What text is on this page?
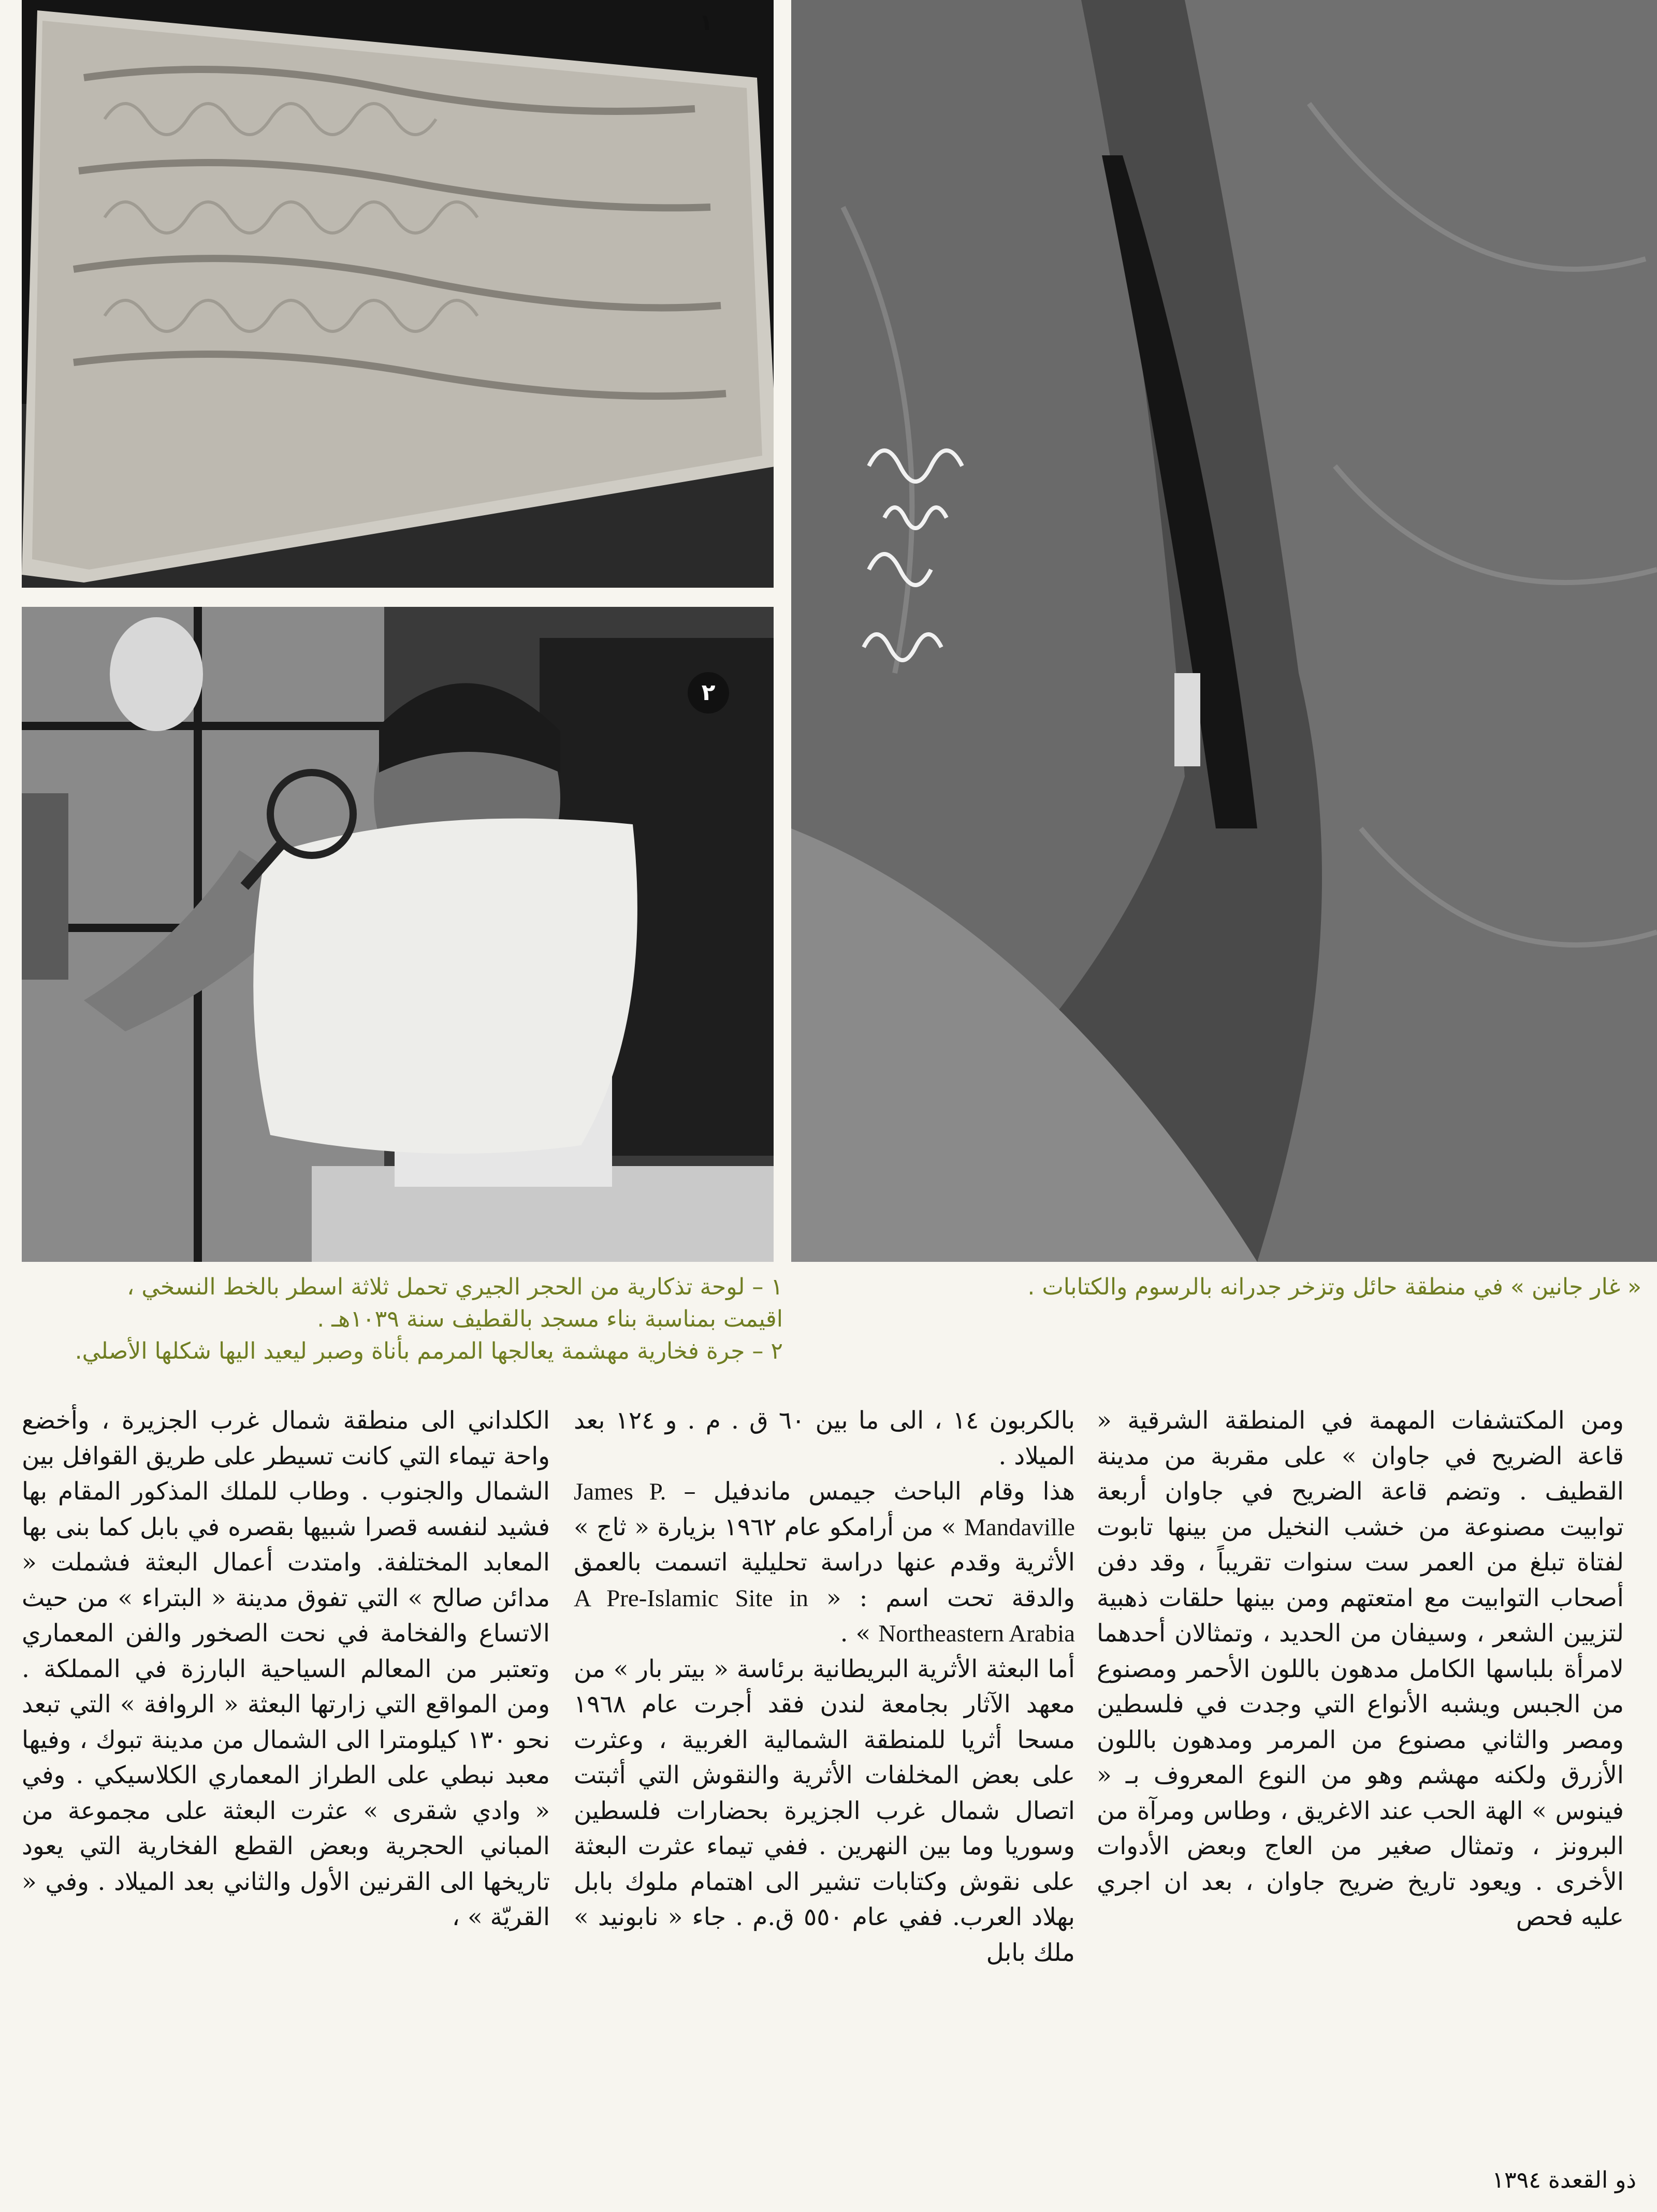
١
٢
« غار جانين » في منطقة حائل وتزخر جدرانه بالرسوم والكتابات .
١ – لوحة تذكارية من الحجر الجيري تحمل ثلاثة اسطر بالخط النسخي ،
اقيمت بمناسبة بناء مسجد بالقطيف سنة ١٠٣٩هـ .
٢ – جرة فخارية مهشمة يعالجها المرمم بأناة وصبر ليعيد اليها شكلها الأصلي.

ومن المكتشفات المهمة في المنطقة الشرقية « قاعة الضريح في جاوان » على مقربة من مدينة القطيف . وتضم قاعة الضريح في جاوان أربعة توابيت مصنوعة من خشب النخيل من بينها تابوت لفتاة تبلغ من العمر ست سنوات تقريباً ، وقد دفن أصحاب التوابيت مع امتعتهم ومن بينها حلقات ذهبية لتزيين الشعر ، وسيفان من الحديد ، وتمثالان أحدهما لامرأة بلباسها الكامل مدهون باللون الأحمر ومصنوع من الجبس ويشبه الأنواع التي وجدت في فلسطين ومصر والثاني مصنوع من المرمر ومدهون باللون الأزرق ولكنه مهشم وهو من النوع المعروف بـ « فينوس » الهة الحب عند الاغريق ، وطاس ومرآة من البرونز ، وتمثال صغير من العاج وبعض الأدوات الأخرى . ويعود تاريخ ضريح جاوان ، بعد ان اجري عليه فحص

بالكربون ١٤ ، الى ما بين ٦٠ ق . م . و ١٢٤ بعد الميلاد .

هذا وقام الباحث جيمس ماندفيل – James P. Mandaville » من أرامكو عام ١٩٦٢ بزيارة « ثاج » الأثرية وقدم عنها دراسة تحليلية اتسمت بالعمق والدقة تحت اسم : « A Pre-Islamic Site in Northeastern Arabia » .

أما البعثة الأثرية البريطانية برئاسة « بيتر بار » من معهد الآثار بجامعة لندن فقد أجرت عام ١٩٦٨ مسحا أثريا للمنطقة الشمالية الغربية ، وعثرت على بعض المخلفات الأثرية والنقوش التي أثبتت اتصال شمال غرب الجزيرة بحضارات فلسطين وسوريا وما بين النهرين . ففي تيماء عثرت البعثة على نقوش وكتابات تشير الى اهتمام ملوك بابل بهلاد العرب. ففي عام ٥٥٠ ق.م . جاء « نابونيد » ملك بابل

الكلداني الى منطقة شمال غرب الجزيرة ، وأخضع واحة تيماء التي كانت تسيطر على طريق القوافل بين الشمال والجنوب . وطاب للملك المذكور المقام بها فشيد لنفسه قصرا شبيها بقصره في بابل كما بنى بها المعابد المختلفة. وامتدت أعمال البعثة فشملت « مدائن صالح » التي تفوق مدينة « البتراء » من حيث الاتساع والفخامة في نحت الصخور والفن المعماري وتعتبر من المعالم السياحية البارزة في المملكة . ومن المواقع التي زارتها البعثة « الروافة » التي تبعد نحو ١٣٠ كيلومترا الى الشمال من مدينة تبوك ، وفيها معبد نبطي على الطراز المعماري الكلاسيكي . وفي « وادي شقرى » عثرت البعثة على مجموعة من المباني الحجرية وبعض القطع الفخارية التي يعود تاريخها الى القرنين الأول والثاني بعد الميلاد . وفي « القريّة » ،

ذو القعدة ١٣٩٤
